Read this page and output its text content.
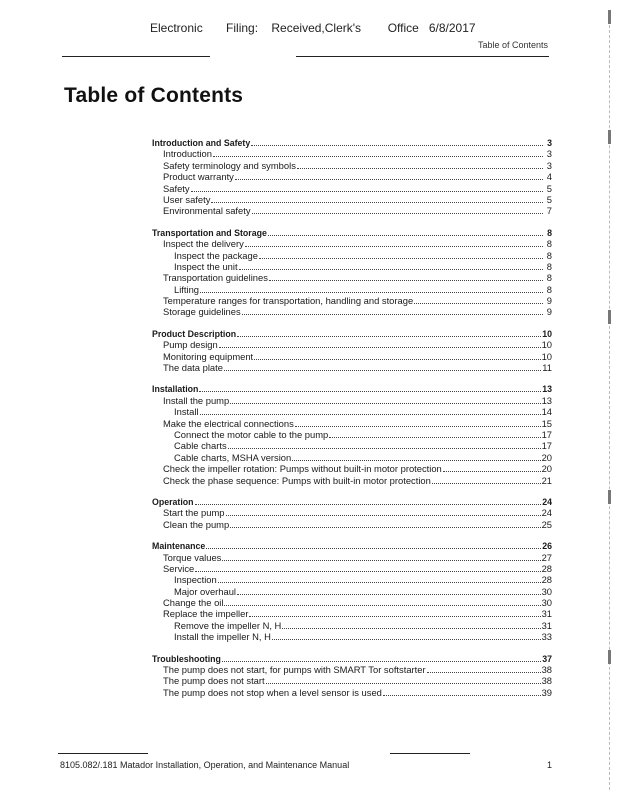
Electronic Filing: Received,Clerk's Office 6/8/2017
Table of Contents
Table of Contents
Introduction and Safety	3
Introduction	3
Safety terminology and symbols	3
Product warranty	4
Safety	5
User safety	5
Environmental safety	7
Transportation and Storage	8
Inspect the delivery	8
Inspect the package	8
Inspect the unit	8
Transportation guidelines	8
Lifting	8
Temperature ranges for transportation, handling and storage	9
Storage guidelines	9
Product Description	10
Pump design	10
Monitoring equipment	10
The data plate	11
Installation	13
Install the pump	13
Install	14
Make the electrical connections	15
Connect the motor cable to the pump	17
Cable charts	17
Cable charts, MSHA version	20
Check the impeller rotation: Pumps without built-in motor protection	20
Check the phase sequence: Pumps with built-in motor protection	21
Operation	24
Start the pump	24
Clean the pump	25
Maintenance	26
Torque values	27
Service	28
Inspection	28
Major overhaul	30
Change the oil	30
Replace the impeller	31
Remove the impeller N, H	31
Install the impeller N, H	33
Troubleshooting	37
The pump does not start, for pumps with SMART Tor softstarter	38
The pump does not start	38
The pump does not stop when a level sensor is used	39
8105.082/.181 Matador Installation, Operation, and Maintenance Manual	1
